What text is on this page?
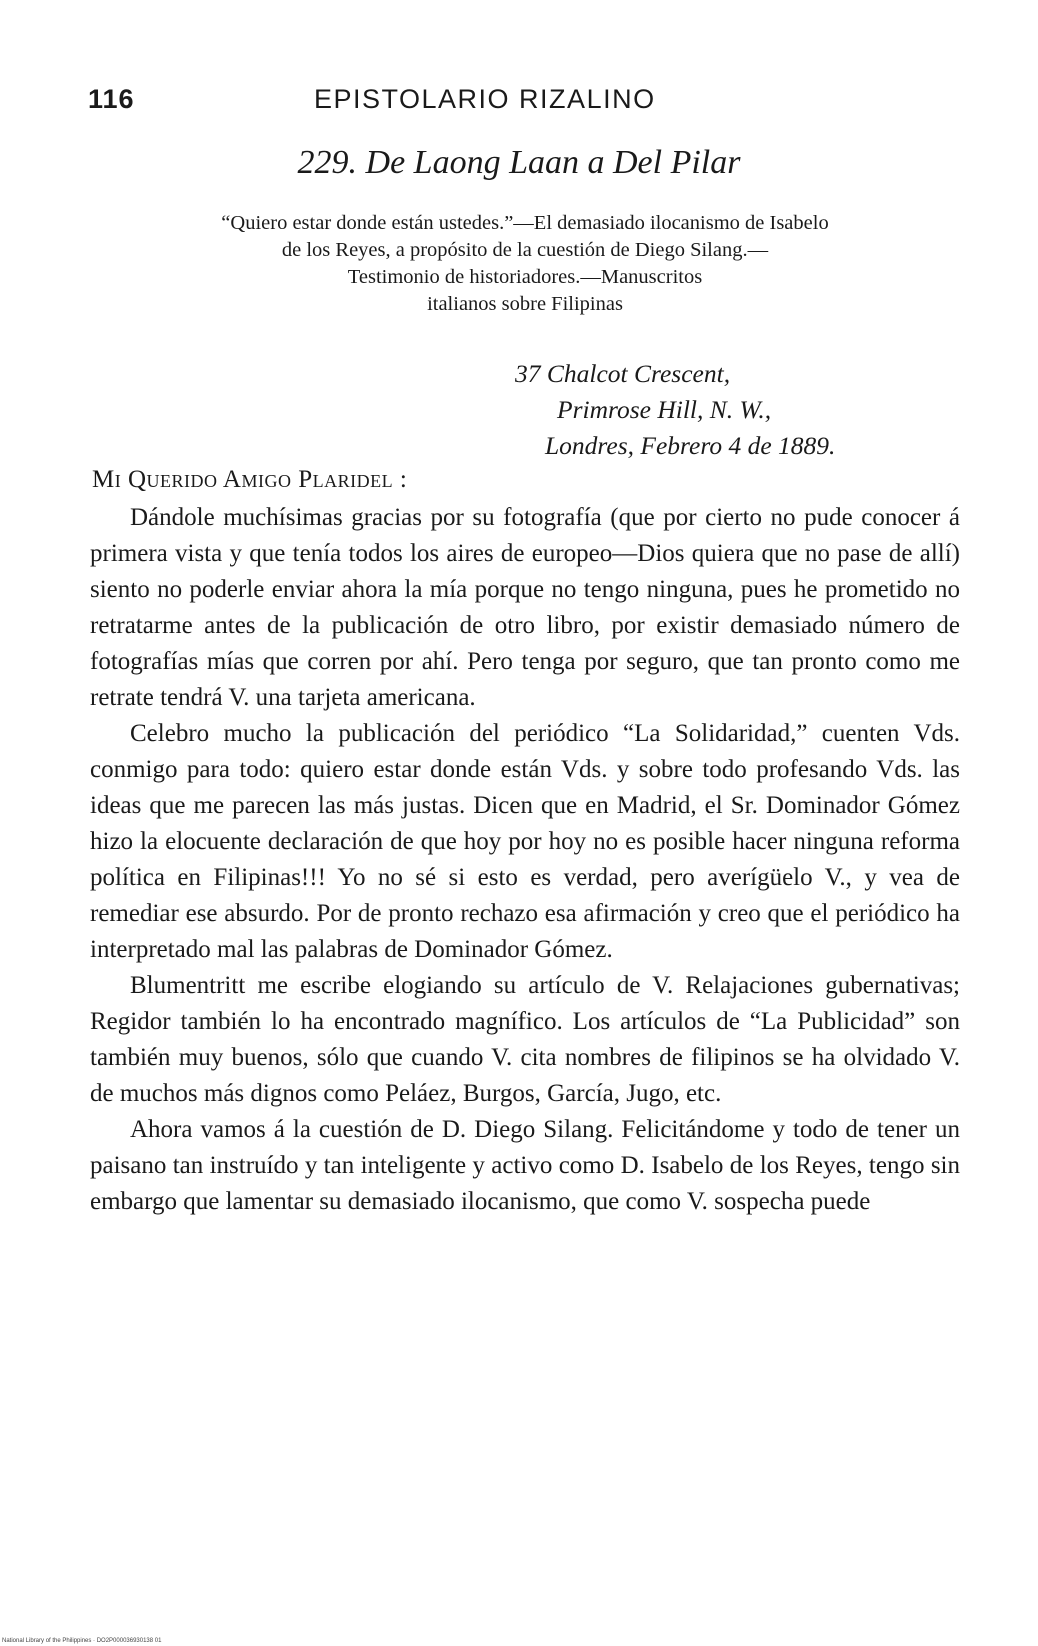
116	EPISTOLARIO RIZALINO
229. De Laong Laan a Del Pilar
“Quiero estar donde están ustedes.”—El demasiado ilocanismo de Isabelo
de los Reyes, a propósito de la cuestión de Diego Silang.—
Testimonio de historiadores.—Manuscritos
italianos sobre Filipinas
37 Chalcot Crescent,
Primrose Hill, N. W.,
Londres, Febrero 4 de 1889.
Mi Querido Amigo Plaridel :

Dándole muchísimas gracias por su fotografía (que por cierto no pude conocer á primera vista y que tenía todos los aires de europeo—Dios quiera que no pase de allí) siento no poderle enviar ahora la mía porque no tengo ninguna, pues he prometido no retratarme antes de la publicación de otro libro, por existir demasiado número de fotografías mías que corren por ahí. Pero tenga por seguro, que tan pronto como me retrate tendrá V. una tarjeta americana.

Celebro mucho la publicación del periódico “La Solidaridad,” cuenten Vds. conmigo para todo: quiero estar donde están Vds. y sobre todo profesando Vds. las ideas que me parecen las más justas. Dicen que en Madrid, el Sr. Dominador Gómez hizo la elocuente declaración de que hoy por hoy no es posible hacer ninguna reforma política en Filipinas!!! Yo no sé si esto es verdad, pero averígüelo V., y vea de remediar ese absurdo. Por de pronto rechazo esa afirmación y creo que el periódico ha interpretado mal las palabras de Dominador Gómez.

Blumentritt me escribe elogiando su artículo de V. Relajaciones gubernativas; Regidor también lo ha encontrado magnífico. Los artículos de “La Publicidad” son también muy buenos, sólo que cuando V. cita nombres de filipinos se ha olvidado V. de muchos más dignos como Peláez, Burgos, García, Jugo, etc.

Ahora vamos á la cuestión de D. Diego Silang. Felicitándome y todo de tener un paisano tan instruído y tan inteligente y activo como D. Isabelo de los Reyes, tengo sin embargo que lamentar su demasiado ilocanismo, que como V. sospecha puede

National Library of the Philippines · DO2P000036930138 01
